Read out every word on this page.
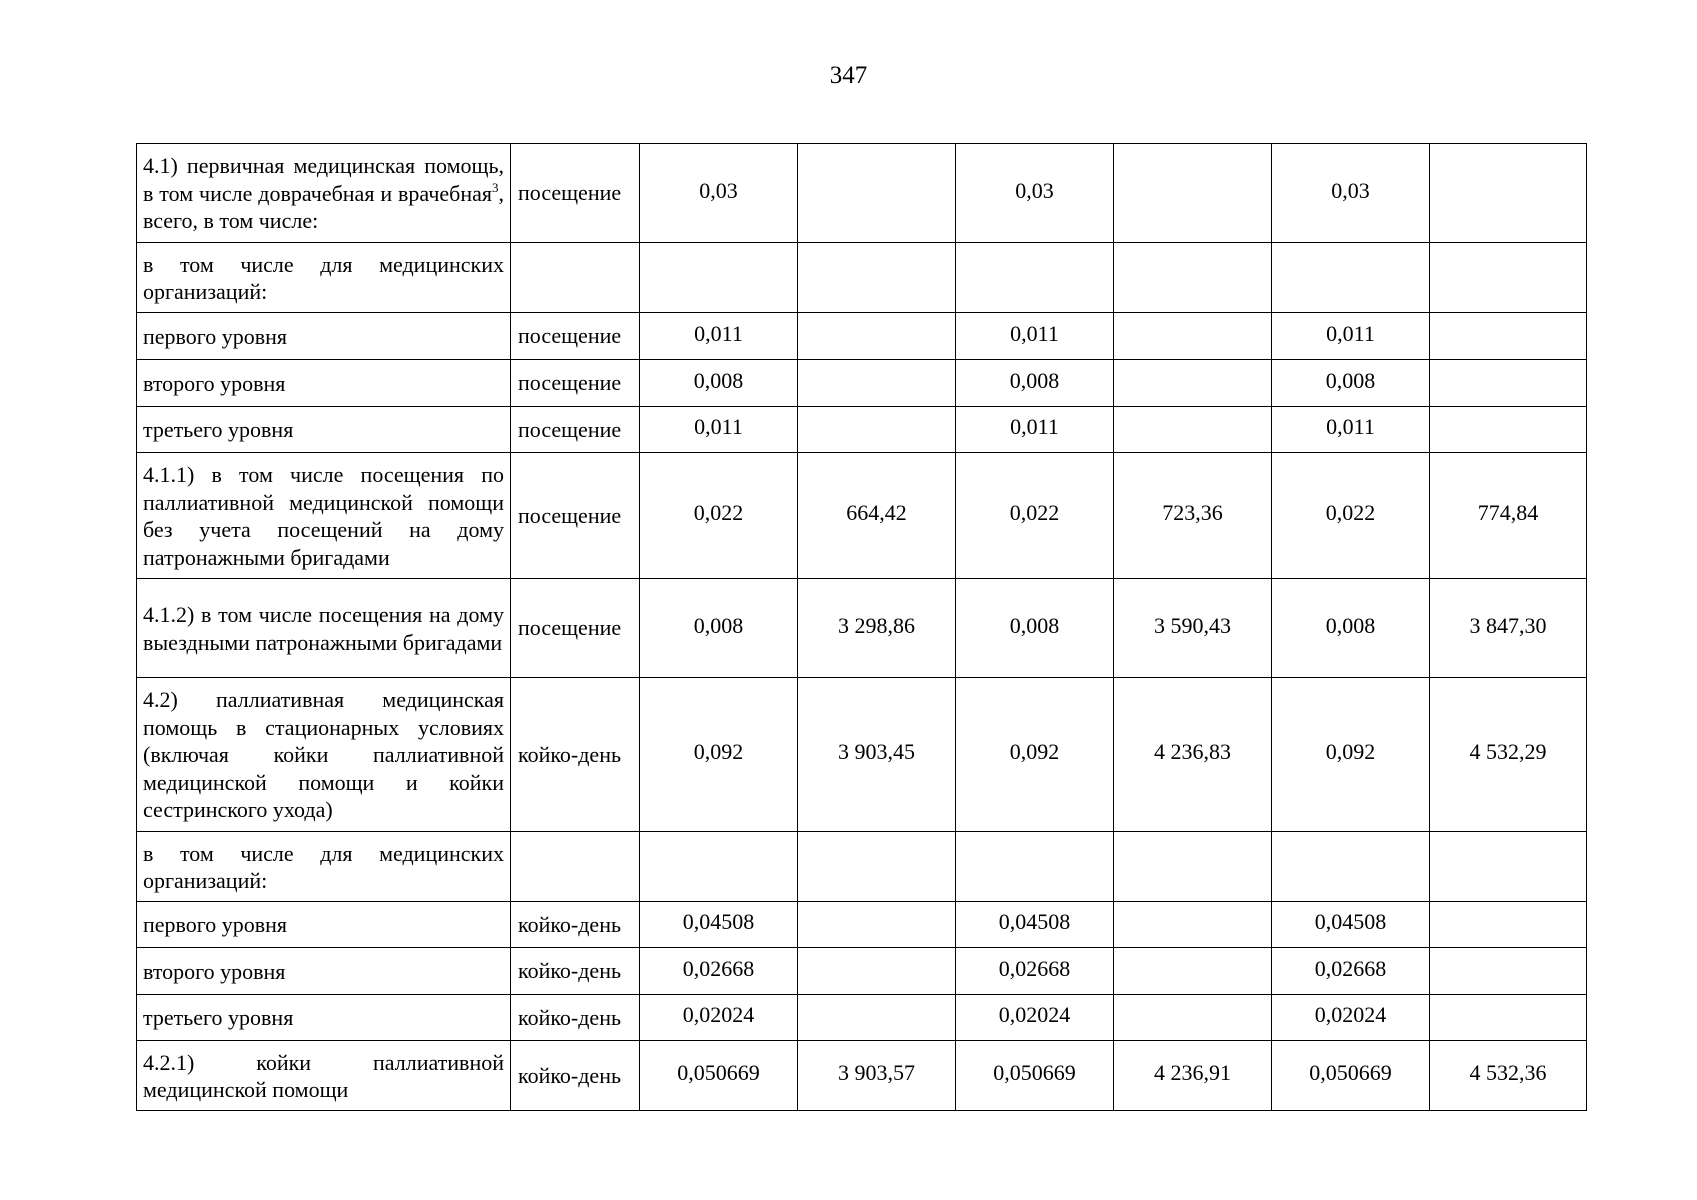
347
4.1) первичная медицинская помощь, в том числе доврачебная и врачебная$^3$, всего, в том числе:	посещение	0,03		0,03		0,03	
в том числе для медицинских организаций:							
первого уровня	посещение	0,011		0,011		0,011	
второго уровня	посещение	0,008		0,008		0,008	
третьего уровня	посещение	0,011		0,011		0,011	
4.1.1) в том числе посещения по паллиативной медицинской помощи без учета посещений на дому патронажными бригадами	посещение	0,022	664,42	0,022	723,36	0,022	774,84
4.1.2) в том числе посещения на дому выездными патронажными бригадами	посещение	0,008	3 298,86	0,008	3 590,43	0,008	3 847,30
4.2) паллиативная медицинская помощь в стационарных условиях (включая койки паллиативной медицинской помощи и койки сестринского ухода)	койко-день	0,092	3 903,45	0,092	4 236,83	0,092	4 532,29
в том числе для медицинских организаций:							
первого уровня	койко-день	0,04508		0,04508		0,04508	
второго уровня	койко-день	0,02668		0,02668		0,02668	
третьего уровня	койко-день	0,02024		0,02024		0,02024	
4.2.1) койки паллиативной медицинской помощи	койко-день	0,050669	3 903,57	0,050669	4 236,91	0,050669	4 532,36
